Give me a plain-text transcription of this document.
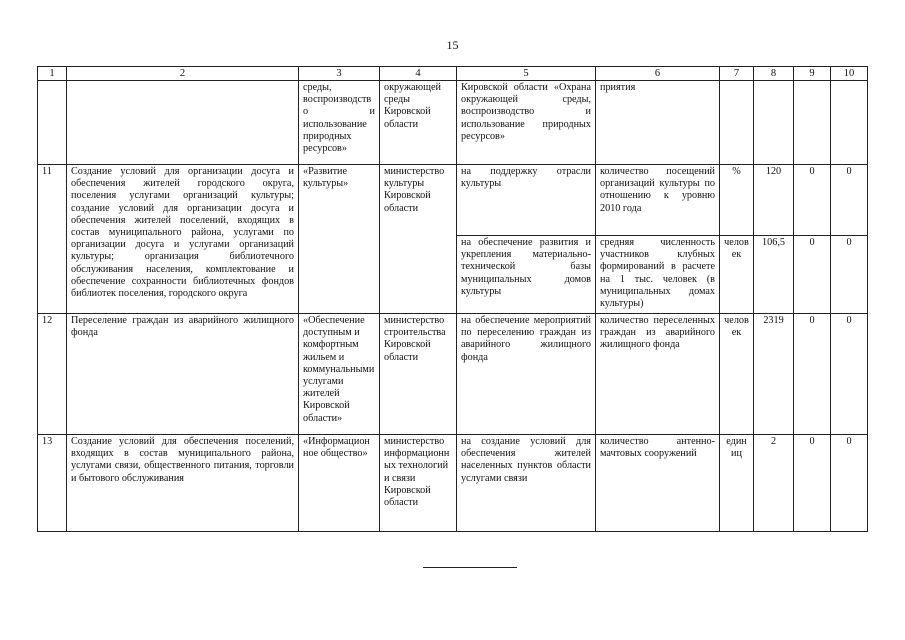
15
1	2	3	4	5	6	7	8	9	10
		среды, воспроизводство и использование природных ресурсов»	окружающей среды Кировской области	Кировской области «Охрана окружающей среды, воспроизводство и использование природных ресурсов»	приятия				
11	Создание условий для организации досуга и обеспечения жителей городского округа, поселения услугами организаций культуры; создание условий для организации досуга и обеспечения жителей поселений, входящих в состав муниципального района, услугами по организации досуга и услугами организаций культуры; организация библиотечного обслуживания населения, комплектование и обеспечение сохранности библиотечных фондов библиотек поселения, городского округа	«Развитие культуры»	министерство культуры Кировской области	на поддержку отрасли культуры	количество посещений организаций культуры по отношению к уровню 2010 года	%	120	0	0
				на обеспечение развития и укрепления материально-технической базы муниципальных домов культуры	средняя численность участников клубных формирований в расчете на 1 тыс. человек (в муниципальных домах культуры)	человек	106,5	0	0
12	Переселение граждан из аварийного жилищного фонда	«Обеспечение доступным и комфортным жильем и коммунальными услугами жителей Кировской области»	министерство строительства Кировской области	на обеспечение мероприятий по переселению граждан из аварийного жилищного фонда	количество переселенных граждан из аварийного жилищного фонда	человек	2319	0	0
13	Создание условий для обеспечения поселений, входящих в состав муниципального района, услугами связи, общественного питания, торговли и бытового обслуживания	«Информационное общество»	министерство информационных технологий и связи Кировской области	на создание условий для обеспечения жителей населенных пунктов области услугами связи	количество антенно-мачтовых сооружений	единиц	2	0	0
